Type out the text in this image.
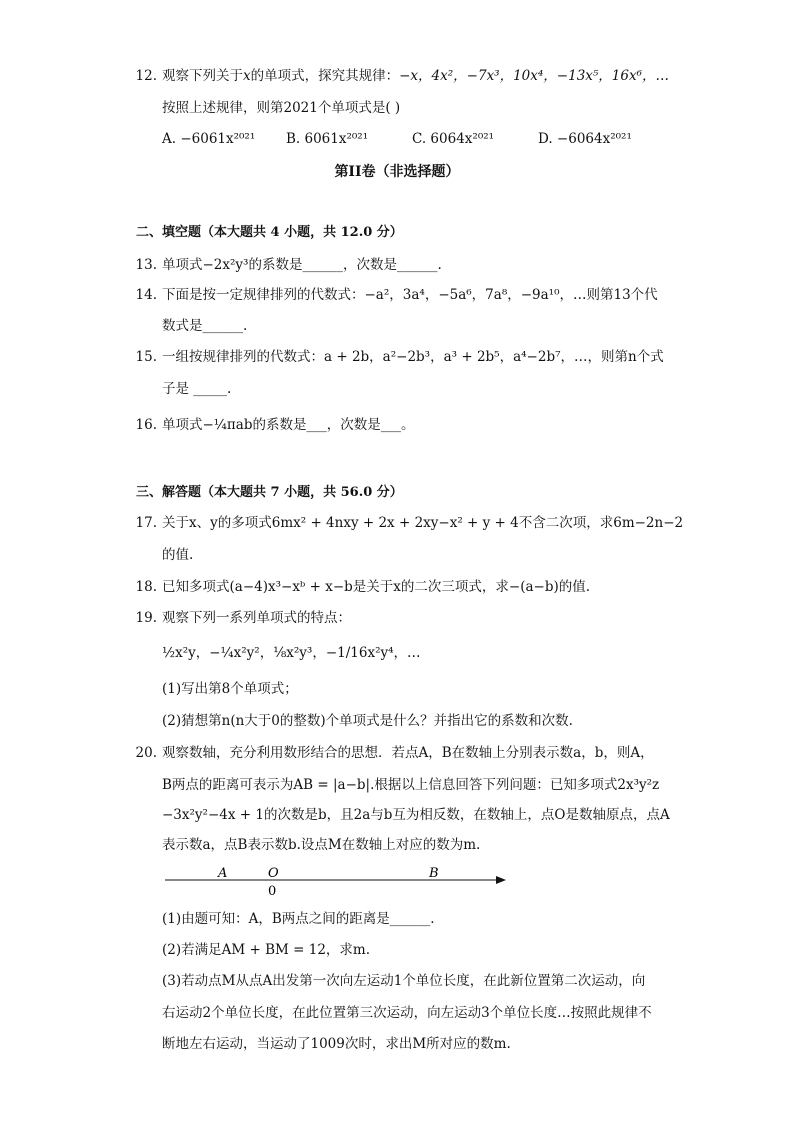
12. 观察下列关于x的单项式，探究其规律：−x，4x²，−7x³，10x⁴，−13x⁵，16x⁶，…
按照上述规律，则第2021个单项式是( )
A. −6061x²⁰²¹ B. 6061x²⁰²¹	C. 6064x²⁰²¹	D. −6064x²⁰²¹
第II卷（非选择题）
二、填空题（本大题共 4 小题，共 12.0 分）
13. 单项式−2x²y³的系数是______，次数是______.
14. 下面是按一定规律排列的代数式：−a²，3a⁴，−5a⁶，7a⁸，−9a¹⁰，…则第13个代
数式是______.
15. 一组按规律排列的代数式：a + 2b，a²−2b³，a³ + 2b⁵，a⁴−2b⁷，…，则第n个式
子是 _____.
16. 单项式−¼πab的系数是___，次数是___。
三、解答题（本大题共 7 小题，共 56.0 分）
17. 关于x、y的多项式6mx² + 4nxy + 2x + 2xy−x² + y + 4不含二次项，求6m−2n−2
的值.
18. 已知多项式(a−4)x³−xᵇ + x−b是关于x的二次三项式，求−(a−b)的值.
19. 观察下列一系列单项式的特点：
½x²y，−¼x²y²，⅛x²y³，−1/16x²y⁴，…
(1)写出第8个单项式；
(2)猜想第n(n大于0的整数)个单项式是什么？并指出它的系数和次数.
20. 观察数轴，充分利用数形结合的思想．若点A，B在数轴上分别表示数a，b，则A，
B两点的距离可表示为AB = |a−b|.根据以上信息回答下列问题：已知多项式2x³y²z
−3x²y²−4x + 1的次数是b，且2a与b互为相反数，在数轴上，点O是数轴原点，点A
表示数a，点B表示数b.设点M在数轴上对应的数为m.
A	O
0
B
(1)由题可知：A，B两点之间的距离是______.
(2)若满足AM + BM = 12，求m.
(3)若动点M从点A出发第一次向左运动1个单位长度，在此新位置第二次运动，向
右运动2个单位长度，在此位置第三次运动，向左运动3个单位长度…按照此规律不
断地左右运动，当运动了1009次时，求出M所对应的数m.
